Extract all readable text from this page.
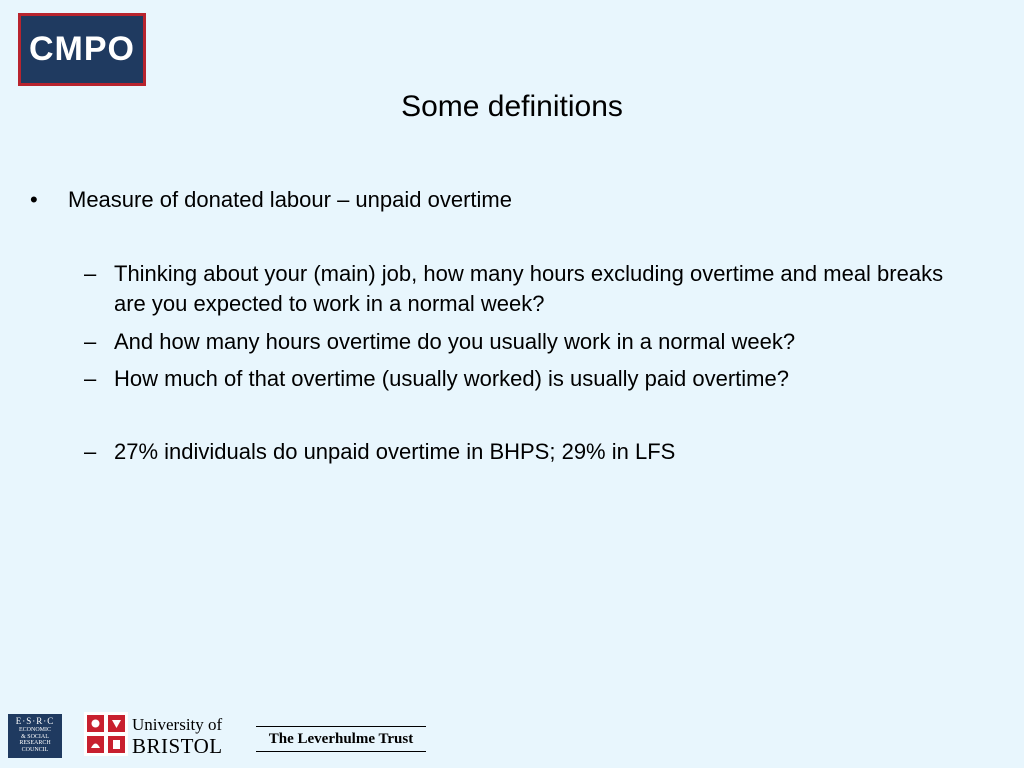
CMPO
Some definitions
• Measure of donated labour – unpaid overtime
– Thinking about your (main) job, how many hours excluding overtime and meal breaks are you expected to work in a normal week?
– And how many hours overtime do you usually work in a normal week?
– How much of that overtime (usually worked) is usually paid overtime?
– 27% individuals do unpaid overtime in BHPS; 29% in LFS
E·S·R·C
ECONOMIC
& SOCIAL
RESEARCH
COUNCIL
University of
BRISTOL	The Leverhulme Trust
